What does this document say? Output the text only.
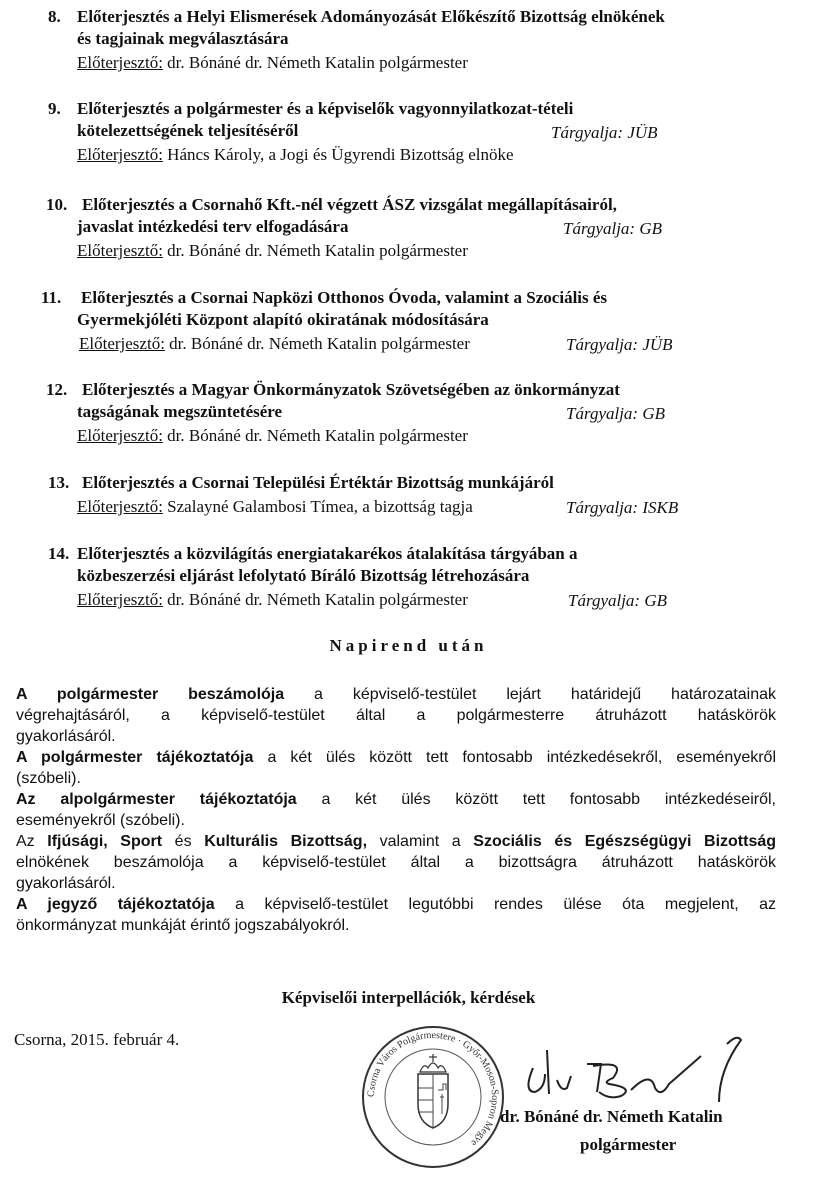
8. Előterjesztés a Helyi Elismerések Adományozását Előkészítő Bizottság elnökének
és tagjainak megválasztására
Előterjesztő: dr. Bónáné dr. Németh Katalin polgármester
9. Előterjesztés a polgármester és a képviselők vagyonnyilatkozat-tételi
kötelezettségének teljesítéséről	Tárgyalja: JÜB
Előterjesztő: Háncs Károly, a Jogi és Ügyrendi Bizottság elnöke
10. Előterjesztés a Csornahő Kft.-nél végzett ÁSZ vizsgálat megállapításairól,
javaslat intézkedési terv elfogadására	Tárgyalja: GB
Előterjesztő: dr. Bónáné dr. Németh Katalin polgármester
11. Előterjesztés a Csornai Napközi Otthonos Óvoda, valamint a Szociális és
Gyermekjóléti Központ alapító okiratának módosítására
Előterjesztő: dr. Bónáné dr. Németh Katalin polgármester	Tárgyalja: JÜB
12. Előterjesztés a Magyar Önkormányzatok Szövetségében az önkormányzat
tagságának megszüntetésére	Tárgyalja: GB
Előterjesztő: dr. Bónáné dr. Németh Katalin polgármester
13. Előterjesztés a Csornai Települési Értéktár Bizottság munkájáról
Előterjesztő: Szalayné Galambosi Tímea, a bizottság tagja	Tárgyalja: ISKB
14. Előterjesztés a közvilágítás energiatakarékos átalakítása tárgyában a
közbeszerzési eljárást lefolytató Bíráló Bizottság létrehozására
Előterjesztő: dr. Bónáné dr. Németh Katalin polgármester	Tárgyalja: GB
Napirend után

A polgármester beszámolója a képviselő-testület lejárt határidejű határozatainak

végrehajtásáról, a képviselő-testület által a polgármesterre átruházott hatáskörök

gyakorlásáról.

A polgármester tájékoztatója a két ülés között tett fontosabb intézkedésekről, eseményekről

(szóbeli).

Az alpolgármester tájékoztatója a két ülés között tett fontosabb intézkedéseiről,

eseményekről (szóbeli).

Az Ifjúsági, Sport és Kulturális Bizottság, valamint a Szociális és Egészségügyi Bizottság

elnökének beszámolója a képviselő-testület által a bizottságra átruházott hatáskörök

gyakorlásáról.

A jegyző tájékoztatója a képviselő-testület legutóbbi rendes ülése óta megjelent, az

önkormányzat munkáját érintő jogszabályokról.

Képviselői interpellációk, kérdések
Csorna, 2015. február 4.
Csorna Város Polgármestere · Győr-Moson-Sopron Megye
dr. Bónáné dr. Németh Katalin
polgármester
